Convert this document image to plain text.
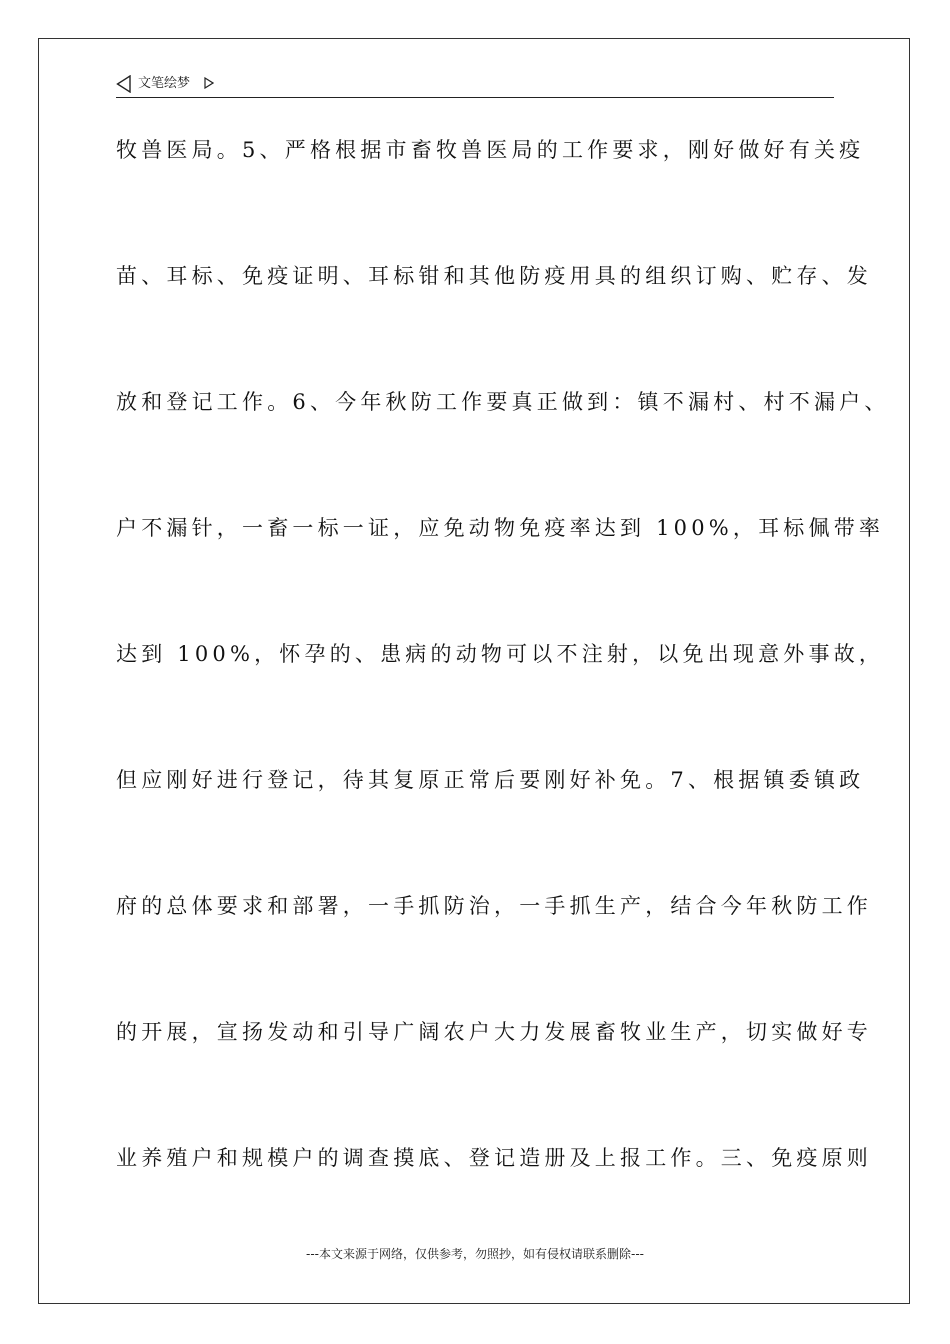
文笔绘梦
牧兽医局。5、严格根据市畜牧兽医局的工作要求，刚好做好有关疫
苗、耳标、免疫证明、耳标钳和其他防疫用具的组织订购、贮存、发
放和登记工作。6、今年秋防工作要真正做到：镇不漏村、村不漏户、
户不漏针，一畜一标一证，应免动物免疫率达到 100%，耳标佩带率
达到 100%，怀孕的、患病的动物可以不注射，以免出现意外事故，
但应刚好进行登记，待其复原正常后要刚好补免。7、根据镇委镇政
府的总体要求和部署，一手抓防治，一手抓生产，结合今年秋防工作
的开展，宣扬发动和引导广阔农户大力发展畜牧业生产，切实做好专
业养殖户和规模户的调查摸底、登记造册及上报工作。三、免疫原则
---本文来源于网络，仅供参考，勿照抄，如有侵权请联系删除---
